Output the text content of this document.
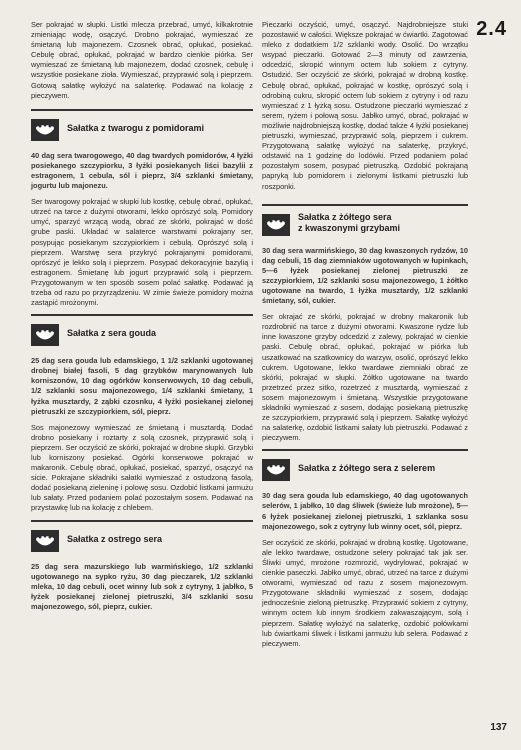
2.4

Ser pokrajać w słupki. Listki mlecza przebrać, umyć, kilkakrotnie zmieniając wodę, osączyć. Drobno pokrajać, wymieszać ze śmietaną lub majonezem. Czosnek obrać, opłukać, posiekać. Cebulę obrać, opłukać, pokrajać w bardzo cienkie piórka. Ser wymieszać ze śmietaną lub majonezem, dodać czosnek, cebulę i wszystkie posiekane zioła. Wymieszać, przyprawić solą i pieprzem. Gotową sałatkę wyłożyć na salaterkę. Podawać na kolację z pieczywem.

Sałatka z twarogu z pomidorami

40 dag sera twarogowego, 40 dag twardych pomidorów, 4 łyżki posiekanego szczypiorku, 3 łyżki posiekanych liści bazylii z estragonem, 1 cebula, sól i pieprz, 3/4 szklanki śmietany, jogurtu lub majonezu.

Ser twarogowy pokrajać w słupki lub kostkę, cebulę obrać, opłukać, utrzeć na tarce z dużymi otworami, lekko oprószyć solą. Pomidory umyć, sparzyć wrzącą wodą, obrać ze skórki, pokrajać w dość grube paski. Układać w salaterce warstwami pokrajany ser, posypując posiekanym szczypiorkiem i cebulą. Oprószyć solą i pieprzem. Warstwę sera przykryć pokrajanymi pomidorami, oprószyć je lekko solą i pieprzem. Posypać dekoracyjnie bazylią i estragonem. Śmietanę lub jogurt przyprawić solą i pieprzem. Przygotowanym w ten sposób sosem polać sałatkę. Podawać ją trzeba od razu po przyrządzeniu. W zimie świeże pomidory można zastąpić mrożonymi.

Sałatka z sera gouda

25 dag sera gouda lub edamskiego, 1 1/2 szklanki ugotowanej drobnej białej fasoli, 5 dag grzybków marynowanych lub korniszonów, 10 dag ogórków konserwowych, 10 dag cebuli, 1/2 szklanki sosu majonezowego, 1/4 szklanki śmietany, 1 łyżka musztardy, 2 ząbki czosnku, 4 łyżki posiekanej zielonej pietruszki ze szczypiorkiem, sól, pieprz.

Sos majonezowy wymieszać ze śmietaną i musztardą. Dodać drobno posiekany i roztarty z solą czosnek, przyprawić solą i pieprzem. Ser oczyścić ze skórki, pokrajać w drobne słupki. Grzybki lub korniszony posiekać. Ogórki konserwowe pokrajać w makaronik. Cebulę obrać, opłukać, posiekać, sparzyć, osączyć na sicie. Pokrajane składniki sałatki wymieszać z ostudzoną fasolą, dodać posiekaną zieleninę i polowę sosu. Ozdobić listkami jarmużu lub sałaty. Przed podaniem polać pozostałym sosem. Podawać na przystawkę lub na kolację z chlebem.

Sałatka z ostrego sera

25 dag sera mazurskiego lub warmińskiego, 1/2 szklanki ugotowanego na sypko ryżu, 30 dag pieczarek, 1/2 szklanki mleka, 10 dag cebuli, ocet winny lub sok z cytryny, 1 jabłko, 5 łyżek posiekanej zielonej pietruszki, 3/4 szklanki sosu majonezowego, sól, pieprz, cukier.

Pieczarki oczyścić, umyć, osączyć. Najdrobniejsze stuki pozostawić w całości. Większe pokrajać w ćwiartki. Zagotować mleko z dodatkiem 1/2 szklanki wody. Osolić. Do wrzątku wsypać pieczarki. Gotować 2—3 minuty od zawrzenia, odcedzić, skropić winnym octem lub sokiem z cytryny. Ostudzić. Ser oczyścić ze skórki, pokrajać w drobną kostkę. Cebulę obrać, opłukać, pokrajać w kostkę, oprószyć solą i odrobiną cukru, skropić octem lub sokiem z cytryny i od razu wymieszać z 1 łyżką sosu. Ostudzone pieczarki wymieszać z serem, ryżem i połową sosu. Jabłko umyć, obrać, pokrajać w możliwie najdrobniejszą kostkę, dodać także 4 łyżki posiekanej pietruszki, wymieszać, przyprawić solą, pieprzem i cukrem. Przygotowaną sałatkę wyłożyć na salaterkę, przykryć, odstawić na 1 godzinę do lodówki. Przed podaniem polać pozostałym sosem, posypać pietruszką. Ozdobić pokrajaną papryką lub pomidorem i zielonymi listkami pietruszki lub roszponki.

Sałatka z żółtego sera
z kwaszonymi grzybami

30 dag sera warmińskiego, 30 dag kwaszonych rydzów, 10 dag cebuli, 15 dag ziemniaków ugotowanych w łupinkach, 5—6 łyżek posiekanej zielonej pietruszki ze szczypiorkiem, 1/2 szklanki sosu majonezowego, 1 żółtko ugotowane na twardo, 1 łyżka musztardy, 1/2 szklanki śmietany, sól, cukier.

Ser okrajać ze skórki, pokrajać w drobny makaronik lub rozdrobnić na tarce z dużymi otworami. Kwaszone rydze lub inne kwaszone grzyby odcedzić z zalewy, pokrajać w cienkie paski. Cebulę obrać, opłukać, pokrajać w piórka lub uszatkować na szatkownicy do warzyw, osolić, oprószyć lekko cukrem. Ugotowane, lekko twardawe ziemniaki obrać ze skórki, pokrajać w słupki. Żółtko ugotowane na twardo przetrzeć przez sitko, rozetrzeć z musztardą, wymieszać z sosem majonezowym i śmietaną. Wszystkie przygotowane składniki wymieszać z sosem, dodając posiekaną pietruszkę ze szczypiorkiem, przyprawić solą i pieprzem. Sałatkę wyłożyć na salaterkę, ozdobić listkami sałaty lub pietruszki. Podawać z pieczywem.

Sałatka z żółtego sera z selerem

30 dag sera gouda lub edamskiego, 40 dag ugotowanych selerów, 1 jabłko, 10 dag śliwek (świeże lub mrożone), 5—6 łyżek posiekanej zielonej pietruszki, 1 szklanka sosu majonezowego, sok z cytryny lub winny ocet, sól, pieprz.

Ser oczyścić ze skórki, pokrajać w drobną kostkę. Ugotowane, ale lekko twardawe, ostudzone selery pokrajać tak jak ser. Śliwki umyć, mrożone rozmrozić, wydrylować, pokrajać w cienkie paseczki. Jabłko umyć, obrać, utrzeć na tarce z dużymi otworami, wymieszać od razu z sosem majonezowym. Przygotowane składniki wymieszać z sosem, dodając jednocześnie zieloną pietruszkę. Przyprawić sokiem z cytryny, winnym octem lub innym środkiem zakwaszającym, solą i pieprzem. Sałatkę wyłożyć na salaterkę, ozdobić połówkami lub ćwiartkami śliwek i listkami jarmużu lub selera. Podawać z pieczywem.

137
